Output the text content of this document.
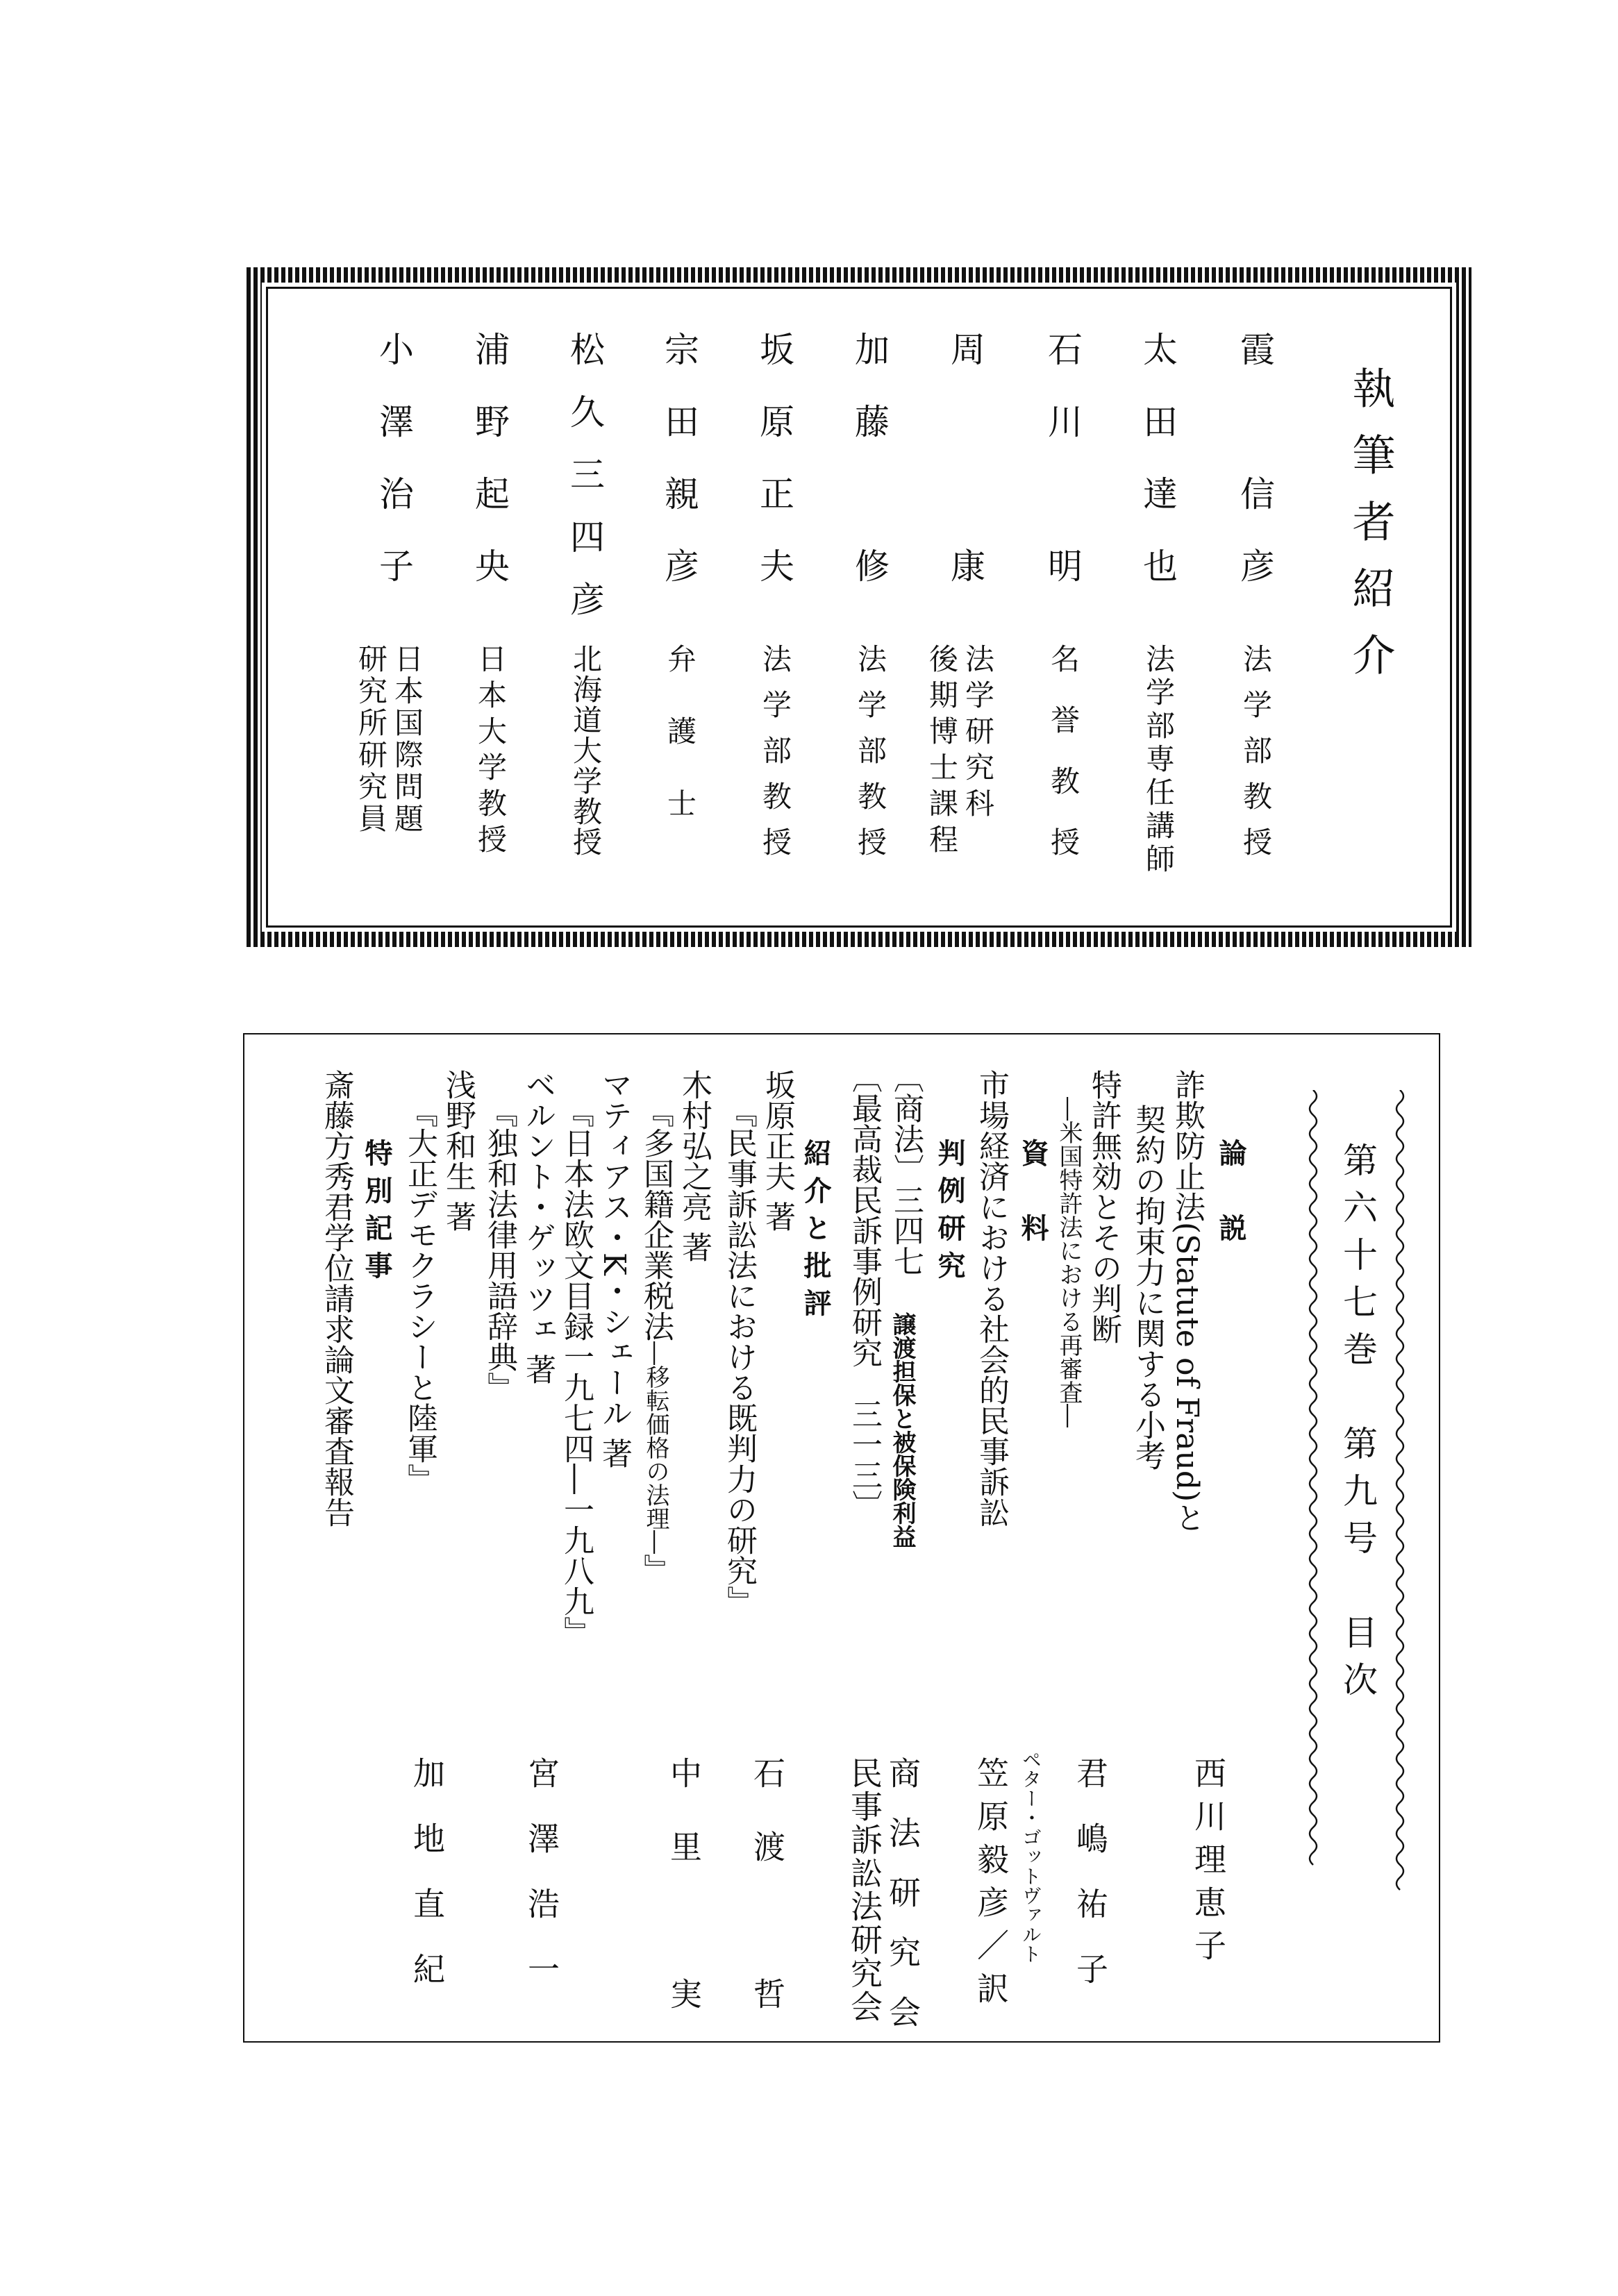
執筆者紹介
霞　信彦
法学部教授
太田達也
法学部専任講師
石川　明
名誉教授
周　　康
法学研究科
後期博士課程
加藤　修
法学部教授
坂原正夫
法学部教授
宗田親彦
弁護士
松久三四彦
北海道大学教授
浦野起央
日本大学教授
小澤治子
日本国際問題
研究所研究員
第六十七巻　第九号　目次
論　説
詐欺防止法(Statute of Fraud)と
契約の拘束力に関する小考
西川理恵子
特許無効とその判断
―米国特許法における再審査―
君嶋祐子
資　料
市場経済における社会的民事訴訟
ペター・ゴットヴァルト
笠原毅彦／訳
判例研究
〔商法〕三四七
譲渡担保と被保険利益
商法研究会
〔最高裁民訴事例研究　三一三〕
民事訴訟法研究会
紹介と批評
坂原正夫 著
『民事訴訟法における既判力の研究』
石渡　哲
木村弘之亮 著
『多国籍企業税法―移転価格の法理―』
中里　実
マティアス・K・シェール 著
『日本法欧文目録一九七四―一九八九』
ベルント・ゲッツェ 著
『独和法律用語辞典』
宮澤浩一
浅野和生 著
『大正デモクラシーと陸軍』
加地直紀
特別記事
斎藤方秀君学位請求論文審査報告
